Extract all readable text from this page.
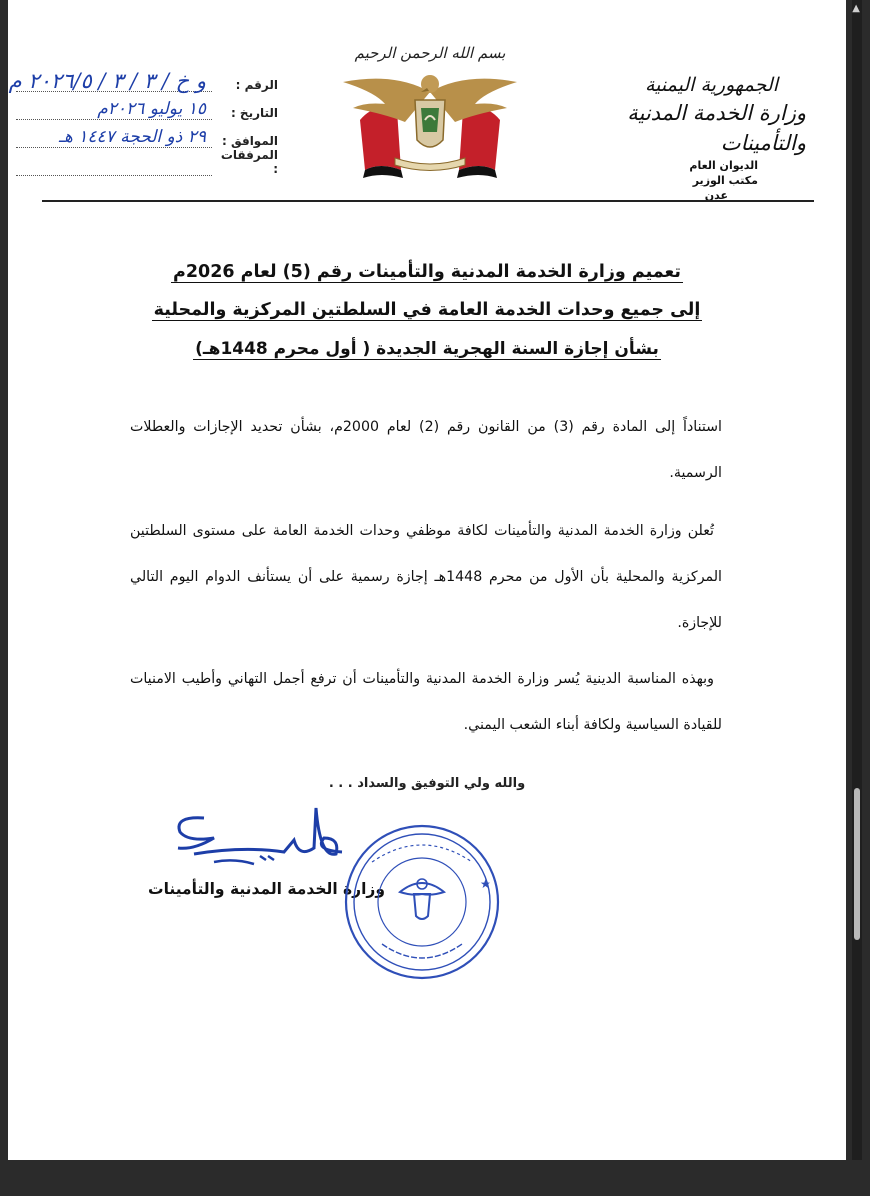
الجمهورية اليمنية
وزارة الخدمة المدنية والتأمينات
الديوان العام
مكتب الوزير
عدن
بسم الله الرحمن الرحيم
الرقم :
و خ / ٣ / ٣ / ٢٠٢٦/٥ م
التاريخ :
١٥ يوليو ٢٠٢٦م
الموافق :
٢٩ ذو الحجة ١٤٤٧ هـ
المرفقات :
تعميم وزارة الخدمة المدنية والتأمينات رقم (5) لعام 2026م
إلى جميع وحدات الخدمة العامة في السلطتين المركزية والمحلية
بشأن إجازة السنة الهجرية الجديدة ( أول محرم 1448هـ)

استناداً إلى المادة رقم (3) من القانون رقم (2) لعام 2000م، بشأن تحديد الإجازات والعطلات الرسمية.

تُعلن وزارة الخدمة المدنية والتأمينات لكافة موظفي وحدات الخدمة العامة على مستوى السلطتين المركزية والمحلية بأن الأول من محرم 1448هـ إجازة رسمية على أن يستأنف الدوام اليوم التالي للإجازة.

وبهذه المناسبة الدينية يُسر وزارة الخدمة المدنية والتأمينات أن ترفع أجمل التهاني وأطيب الامنيات للقيادة السياسية ولكافة أبناء الشعب اليمني.

والله ولي التوفيق والسداد . . .
وزارة الخدمة المدنية والتأمينات	★
▲
